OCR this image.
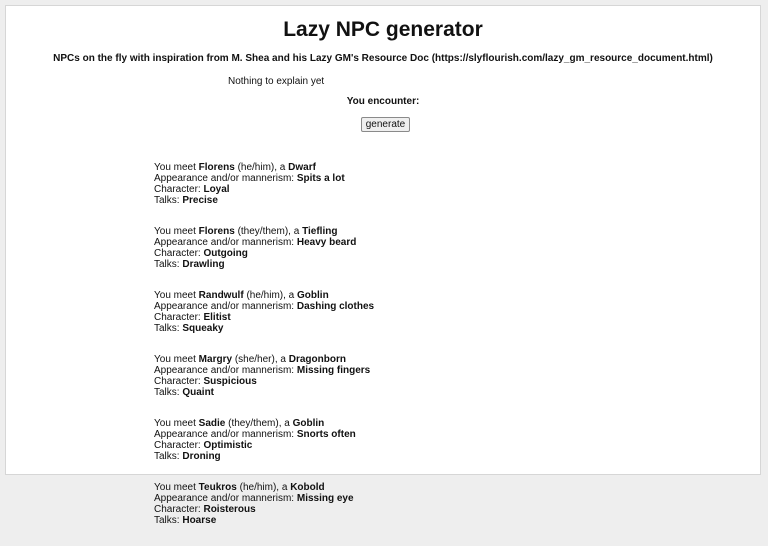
Lazy NPC generator
NPCs on the fly with inspiration from M. Shea and his Lazy GM's Resource Doc (https://slyflourish.com/lazy_gm_resource_document.html)
Nothing to explain yet
You encounter:
generate
You meet Florens (he/him), a Dwarf
Appearance and/or mannerism: Spits a lot
Character: Loyal
Talks: Precise
You meet Florens (they/them), a Tiefling
Appearance and/or mannerism: Heavy beard
Character: Outgoing
Talks: Drawling
You meet Randwulf (he/him), a Goblin
Appearance and/or mannerism: Dashing clothes
Character: Elitist
Talks: Squeaky
You meet Margry (she/her), a Dragonborn
Appearance and/or mannerism: Missing fingers
Character: Suspicious
Talks: Quaint
You meet Sadie (they/them), a Goblin
Appearance and/or mannerism: Snorts often
Character: Optimistic
Talks: Droning
You meet Teukros (he/him), a Kobold
Appearance and/or mannerism: Missing eye
Character: Roisterous
Talks: Hoarse
